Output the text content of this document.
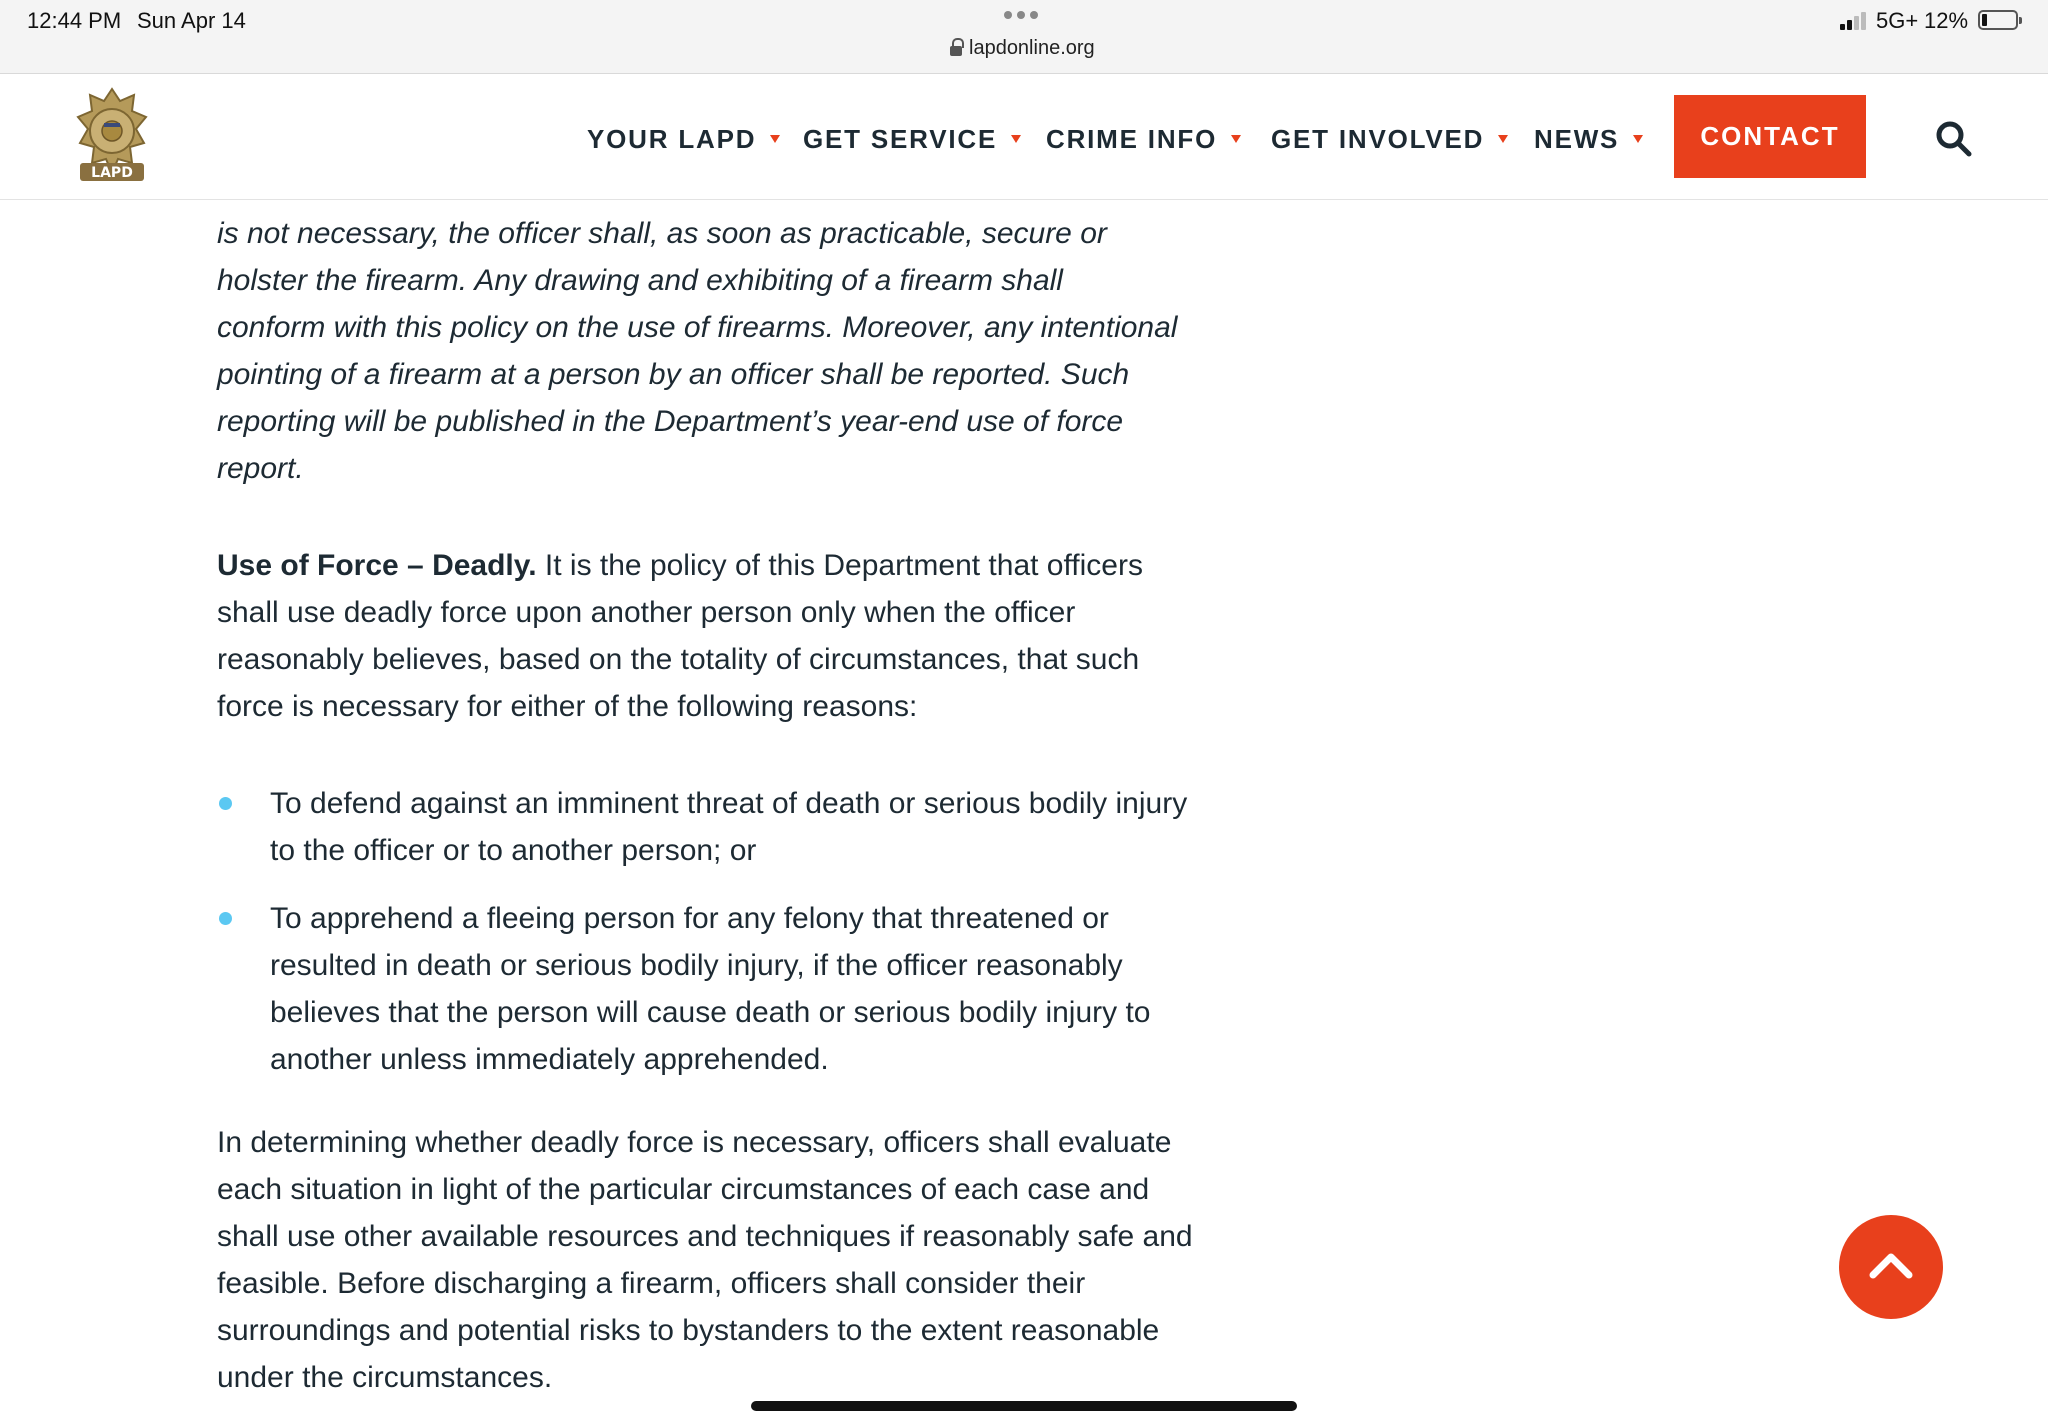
12:44 PM Sun Apr 14
lapdonline.org
5G+ 12%
LAPD
YOUR LAPD GET SERVICE CRIME INFO GET INVOLVED NEWS	CONTACT

is not necessary, the officer shall, as soon as practicable, secure or
holster the firearm. Any drawing and exhibiting of a firearm shall
conform with this policy on the use of firearms. Moreover, any intentional
pointing of a firearm at a person by an officer shall be reported. Such
reporting will be published in the Department’s year-end use of force
report.

Use of Force – Deadly. It is the policy of this Department that officers
shall use deadly force upon another person only when the officer
reasonably believes, based on the totality of circumstances, that such
force is necessary for either of the following reasons:

To defend against an imminent threat of death or serious bodily injury
to the officer or to another person; or
To apprehend a fleeing person for any felony that threatened or
resulted in death or serious bodily injury, if the officer reasonably
believes that the person will cause death or serious bodily injury to
another unless immediately apprehended.

In determining whether deadly force is necessary, officers shall evaluate
each situation in light of the particular circumstances of each case and
shall use other available resources and techniques if reasonably safe and
feasible. Before discharging a firearm, officers shall consider their
surroundings and potential risks to bystanders to the extent reasonable
under the circumstances.
